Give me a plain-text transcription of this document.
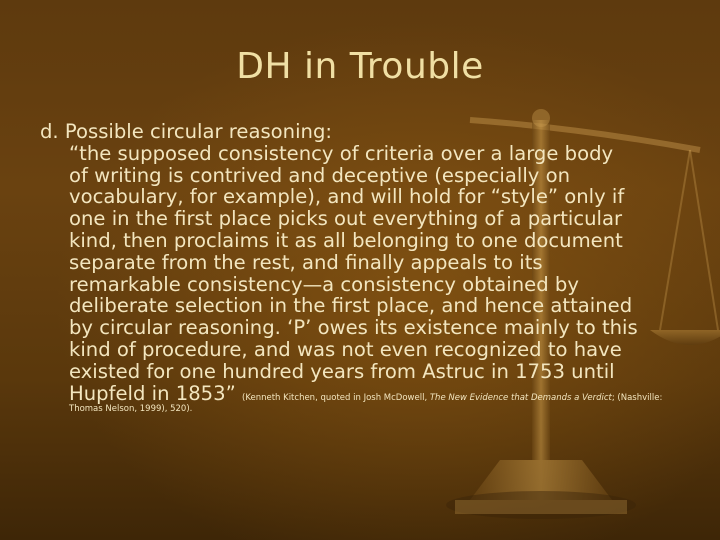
DH in Trouble
d. Possible circular reasoning:
“the supposed consistency of criteria over a large body
of writing is contrived and deceptive (especially on
vocabulary, for example), and will hold for “style” only if
one in the first place picks out everything of a particular
kind, then proclaims it as all belonging to one document
separate from the rest, and finally appeals to its
remarkable consistency—a consistency obtained by
deliberate selection in the first place, and hence attained
by circular reasoning. ‘P’ owes its existence mainly to this
kind of procedure, and was not even recognized to have
existed for one hundred years from Astruc in 1753 until
Hupfeld in 1853” (Kenneth Kitchen, quoted in Josh McDowell, The New Evidence that Demands a Verdict; (Nashville:
Thomas Nelson, 1999), 520).
